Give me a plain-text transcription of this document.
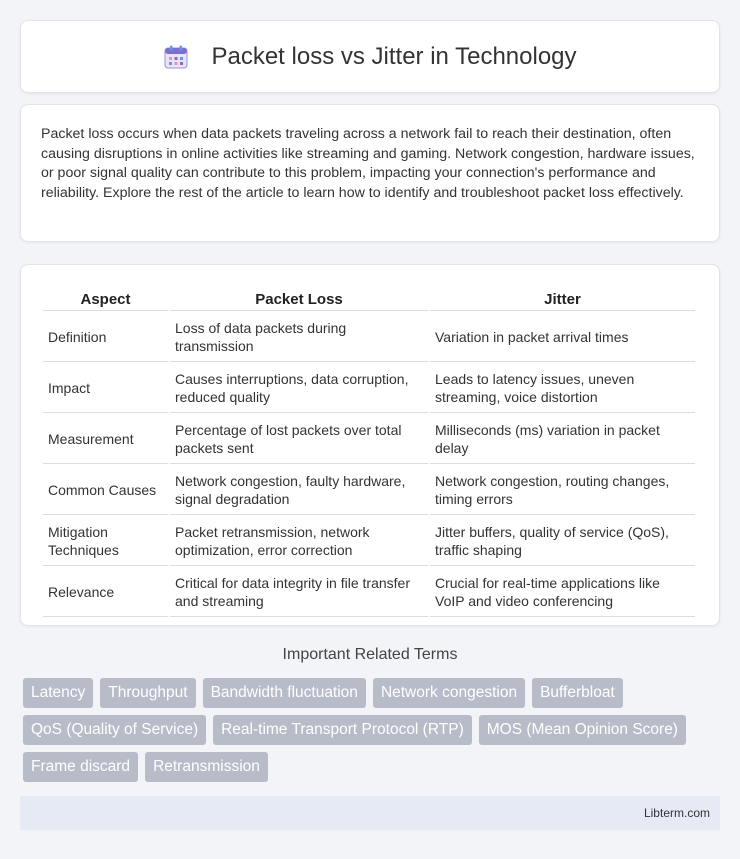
Packet loss vs Jitter in Technology

Packet loss occurs when data packets traveling across a network fail to reach their destination, often causing disruptions in online activities like streaming and gaming. Network congestion, hardware issues, or poor signal quality can contribute to this problem, impacting your connection's performance and reliability. Explore the rest of the article to learn how to identify and troubleshoot packet loss effectively.

Aspect	Packet Loss	Jitter
Definition	Loss of data packets during transmission	Variation in packet arrival times
Impact	Causes interruptions, data corruption, reduced quality	Leads to latency issues, uneven streaming, voice distortion
Measurement	Percentage of lost packets over total packets sent	Milliseconds (ms) variation in packet delay
Common Causes	Network congestion, faulty hardware, signal degradation	Network congestion, routing changes, timing errors
Mitigation Techniques	Packet retransmission, network optimization, error correction	Jitter buffers, quality of service (QoS), traffic shaping
Relevance	Critical for data integrity in file transfer and streaming	Crucial for real-time applications like VoIP and video conferencing
Important Related Terms
Latency	Throughput	Bandwidth fluctuation	Network congestion	Bufferbloat
QoS (Quality of Service)	Real-time Transport Protocol (RTP)	MOS (Mean Opinion Score)
Frame discard	Retransmission
Libterm.com
